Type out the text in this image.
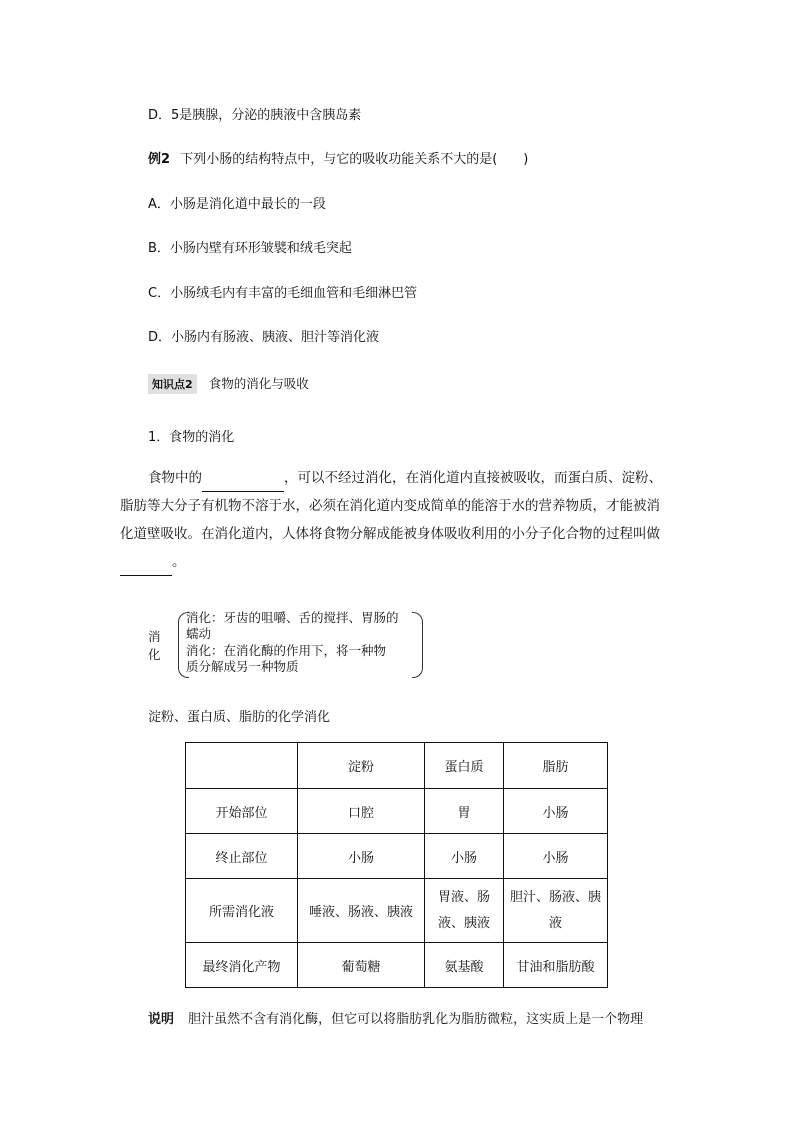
D．5是胰腺，分泌的胰液中含胰岛素
例2 下列小肠的结构特点中，与它的吸收功能关系不大的是(　　)
A．小肠是消化道中最长的一段
B．小肠内壁有环形皱襞和绒毛突起
C．小肠绒毛内有丰富的毛细血管和毛细淋巴管
D．小肠内有肠液、胰液、胆汁等消化液
知识点2 食物的消化与吸收
1．食物的消化
食物中的	，可以不经过消化，在消化道内直接被吸收，而蛋白质、淀粉、
脂肪等大分子有机物不溶于水，必须在消化道内变成简单的能溶于水的营养物质，才能被消
化道壁吸收。在消化道内，人体将食物分解成能被身体吸收利用的小分子化合物的过程叫做
。
消
化
消化：牙齿的咀嚼、舌的搅拌、胃肠的
蠕动
消化：在消化酶的作用下，将一种物
质分解成另一种物质
淀粉、蛋白质、脂肪的化学消化
	淀粉	蛋白质	脂肪
开始部位	口腔	胃	小肠
终止部位	小肠	小肠	小肠
所需消化液	唾液、肠液、胰液	胃液、肠液、胰液	胆汁、肠液、胰液
最终消化产物	葡萄糖	氨基酸	甘油和脂肪酸
说明 胆汁虽然不含有消化酶，但它可以将脂肪乳化为脂肪微粒，这实质上是一个物理
